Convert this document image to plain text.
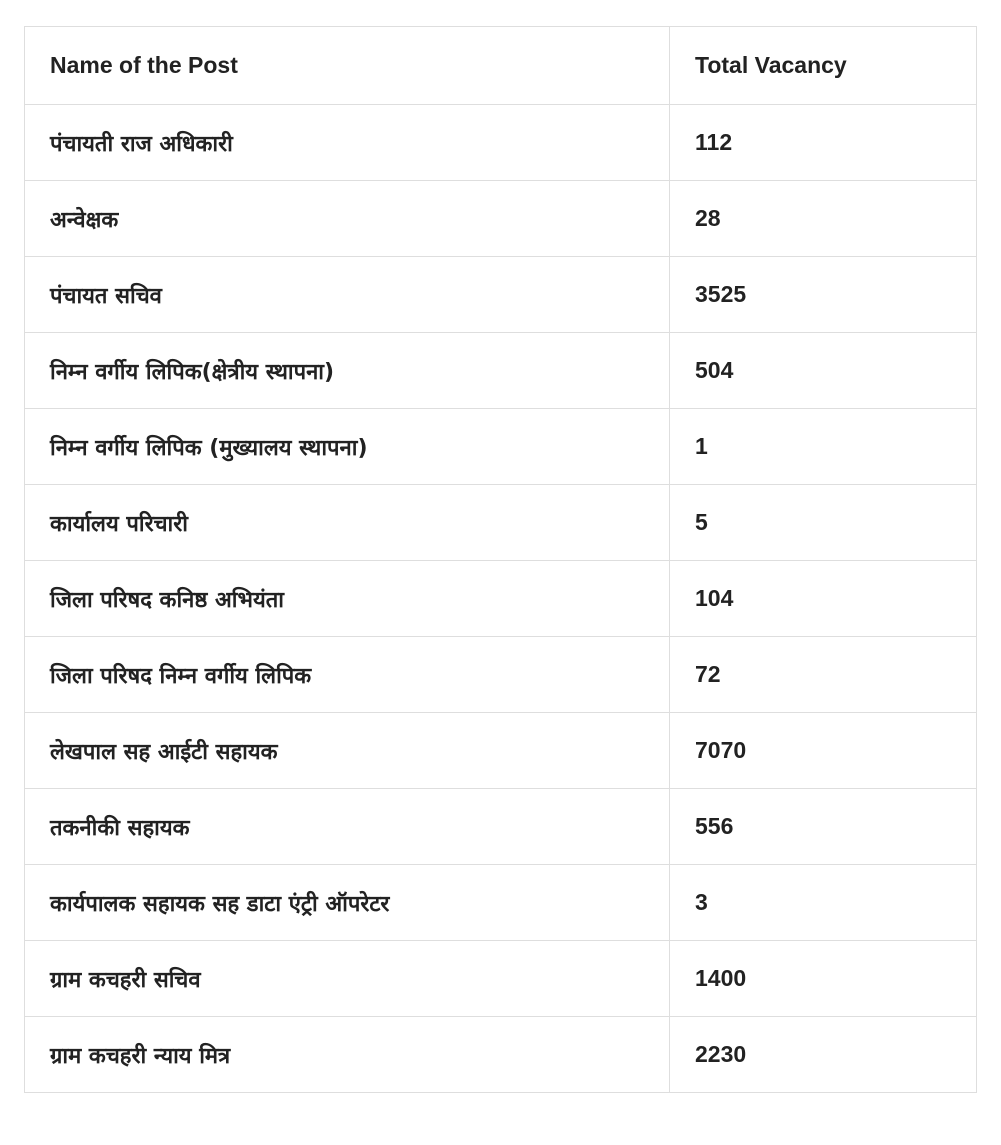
Name of the Post	Total Vacancy
पंचायती राज अधिकारी	112
अन्वेक्षक	28
पंचायत सचिव	3525
निम्न वर्गीय लिपिक(क्षेत्रीय स्थापना)	504
निम्न वर्गीय लिपिक (मुख्यालय स्थापना)	1
कार्यालय परिचारी	5
जिला परिषद कनिष्ठ अभियंता	104
जिला परिषद निम्न वर्गीय लिपिक	72
लेखपाल सह आईटी सहायक	7070
तकनीकी सहायक	556
कार्यपालक सहायक सह डाटा एंट्री ऑपरेटर	3
ग्राम कचहरी सचिव	1400
ग्राम कचहरी न्याय मित्र	2230
